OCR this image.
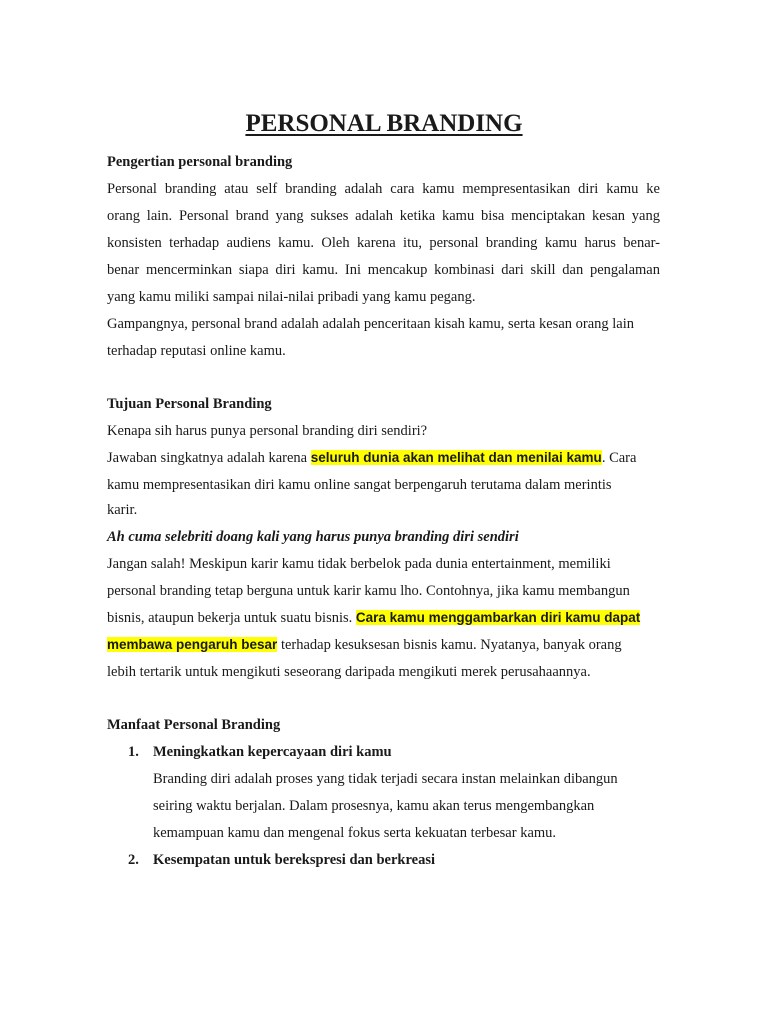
PERSONAL BRANDING

Pengertian personal branding

Personal branding atau self branding adalah cara kamu mempresentasikan diri kamu ke

orang lain. Personal brand yang sukses adalah ketika kamu bisa menciptakan kesan yang

konsisten terhadap audiens kamu. Oleh karena itu, personal branding kamu harus benar-

benar mencerminkan siapa diri kamu. Ini mencakup kombinasi dari skill dan pengalaman

yang kamu miliki sampai nilai-nilai pribadi yang kamu pegang.

Gampangnya, personal brand adalah adalah penceritaan kisah kamu, serta kesan orang lain

terhadap reputasi online kamu.

Tujuan Personal Branding

Kenapa sih harus punya personal branding diri sendiri?

Jawaban singkatnya adalah karena seluruh dunia akan melihat dan menilai kamu. Cara

kamu mempresentasikan diri kamu online sangat berpengaruh terutama dalam merintis

karir.

Ah cuma selebriti doang kali yang harus punya branding diri sendiri

Jangan salah! Meskipun karir kamu tidak berbelok pada dunia entertainment, memiliki

personal branding tetap berguna untuk karir kamu lho. Contohnya, jika kamu membangun

bisnis, ataupun bekerja untuk suatu bisnis. Cara kamu menggambarkan diri kamu dapat

membawa pengaruh besar terhadap kesuksesan bisnis kamu. Nyatanya, banyak orang

lebih tertarik untuk mengikuti seseorang daripada mengikuti merek perusahaannya.

Manfaat Personal Branding

1. Meningkatkan kepercayaan diri kamu

Branding diri adalah proses yang tidak terjadi secara instan melainkan dibangun

seiring waktu berjalan. Dalam prosesnya, kamu akan terus mengembangkan

kemampuan kamu dan mengenal fokus serta kekuatan terbesar kamu.

2. Kesempatan untuk berekspresi dan berkreasi
